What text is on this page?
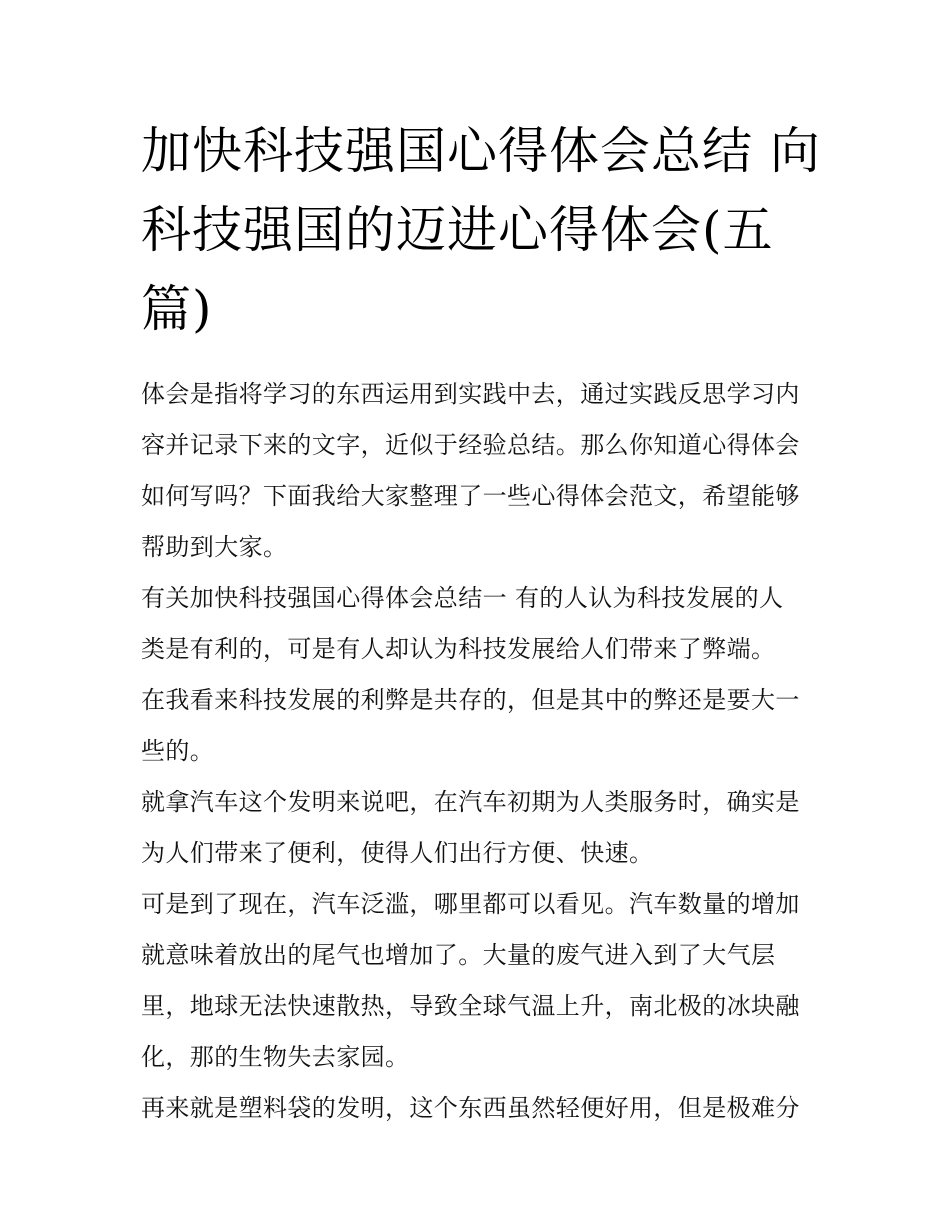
加快科技强国心得体会总结 向
科技强国的迈进心得体会(五
篇)

体会是指将学习的东西运用到实践中去，通过实践反思学习内
容并记录下来的文字，近似于经验总结。那么你知道心得体会
如何写吗？下面我给大家整理了一些心得体会范文，希望能够
帮助到大家。

有关加快科技强国心得体会总结一 有的人认为科技发展的人
类是有利的，可是有人却认为科技发展给人们带来了弊端。

在我看来科技发展的利弊是共存的，但是其中的弊还是要大一
些的。

就拿汽车这个发明来说吧，在汽车初期为人类服务时，确实是
为人们带来了便利，使得人们出行方便、快速。

可是到了现在，汽车泛滥，哪里都可以看见。汽车数量的增加
就意味着放出的尾气也增加了。大量的废气进入到了大气层
里，地球无法快速散热，导致全球气温上升，南北极的冰块融
化，那的生物失去家园。

再来就是塑料袋的发明，这个东西虽然轻便好用，但是极难分
